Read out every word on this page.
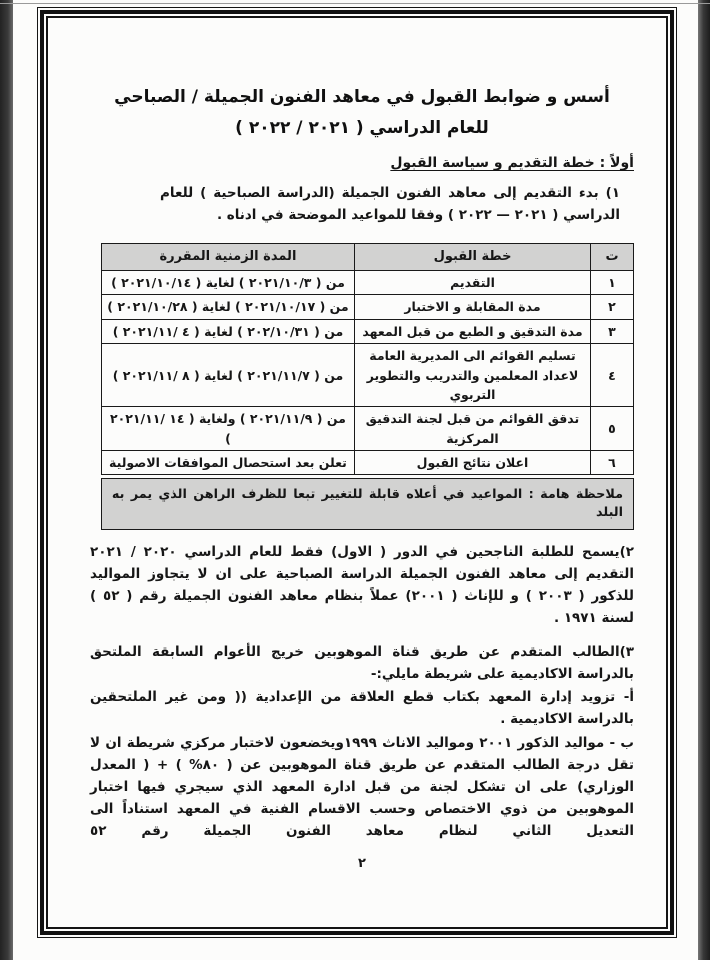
أسس و ضوابط القبول في معاهد الفنون الجميلة / الصباحي
للعام الدراسي ( ٢٠٢١ / ٢٠٢٢ )
أولاً : خطة التقديم و سياسة القبول

١) بدء التقديم إلى معاهد الفنون الجميلة (الدراسة الصباحية ) للعام الدراسي ( ٢٠٢١ — ٢٠٢٢ ) وفقا للمواعيد الموضحة في ادناه .

ت	خطة القبول	المدة الزمنية المقررة
١	التقديم	من ( ٢٠٢١/١٠/٣ ) لغاية ( ٢٠٢١/١٠/١٤ )
٢	مدة المقابلة و الاختبار	من ( ٢٠٢١/١٠/١٧ ) لغاية ( ٢٠٢١/١٠/٢٨ )
٣	مدة التدقيق و الطبع من قبل المعهد	من ( ٢٠٢/١٠/٣١ ) لغاية ( ٤ /٢٠٢١/١١ )
٤	تسليم القوائم الى المديرية العامة لاعداد المعلمين والتدريب والتطوير التربوي	من ( ٢٠٢١/١١/٧ ) لغاية ( ٨ /٢٠٢١/١١ )
٥	تدقق القوائم من قبل لجنة التدقيق المركزية	من ( ٢٠٢١/١١/٩ ) ولغاية ( ١٤ /٢٠٢١/١١ )
٦	اعلان نتائج القبول	تعلن بعد استحصال الموافقات الاصولية
ملاحظة هامة : المواعيد في أعلاه قابلة للتغيير تبعا للظرف الراهن الذي يمر به البلد

٢)يسمح للطلبة الناجحين في الدور ( الاول) فقط للعام الدراسي ٢٠٢٠ / ٢٠٢١ التقديم إلى معاهد الفنون الجميلة الدراسة الصباحية على ان لا يتجاوز المواليد للذكور ( ٢٠٠٣ ) و للإناث ( ٢٠٠١) عملاً بنظام معاهد الفنون الجميلة رقم ( ٥٢ ) لسنة ١٩٧١ .

٣)الطالب المتقدم عن طريق قناة الموهوبين خريج الأعوام السابقة الملتحق بالدراسة الاكاديمية على شريطة مايلي:-

أ- تزويد إدارة المعهد بكتاب قطع العلاقة من الإعدادية (( ومن غير الملتحقين بالدراسة الاكاديمية .

ب - مواليد الذكور ٢٠٠١ ومواليد الاناث ١٩٩٩ويخضعون لاختبار مركزي شريطة ان لا تقل درجة الطالب المتقدم عن طريق قناة الموهوبين عن ( ٨٠% ) + ( المعدل الوزاري) على ان تشكل لجنة من قبل ادارة المعهد الذي سيجري فيها اختبار الموهوبين من ذوي الاختصاص وحسب الاقسام الفنية في المعهد استناداً الى التعديل الثاني لنظام معاهد الفنون الجميلة رقم ٥٢

٢
